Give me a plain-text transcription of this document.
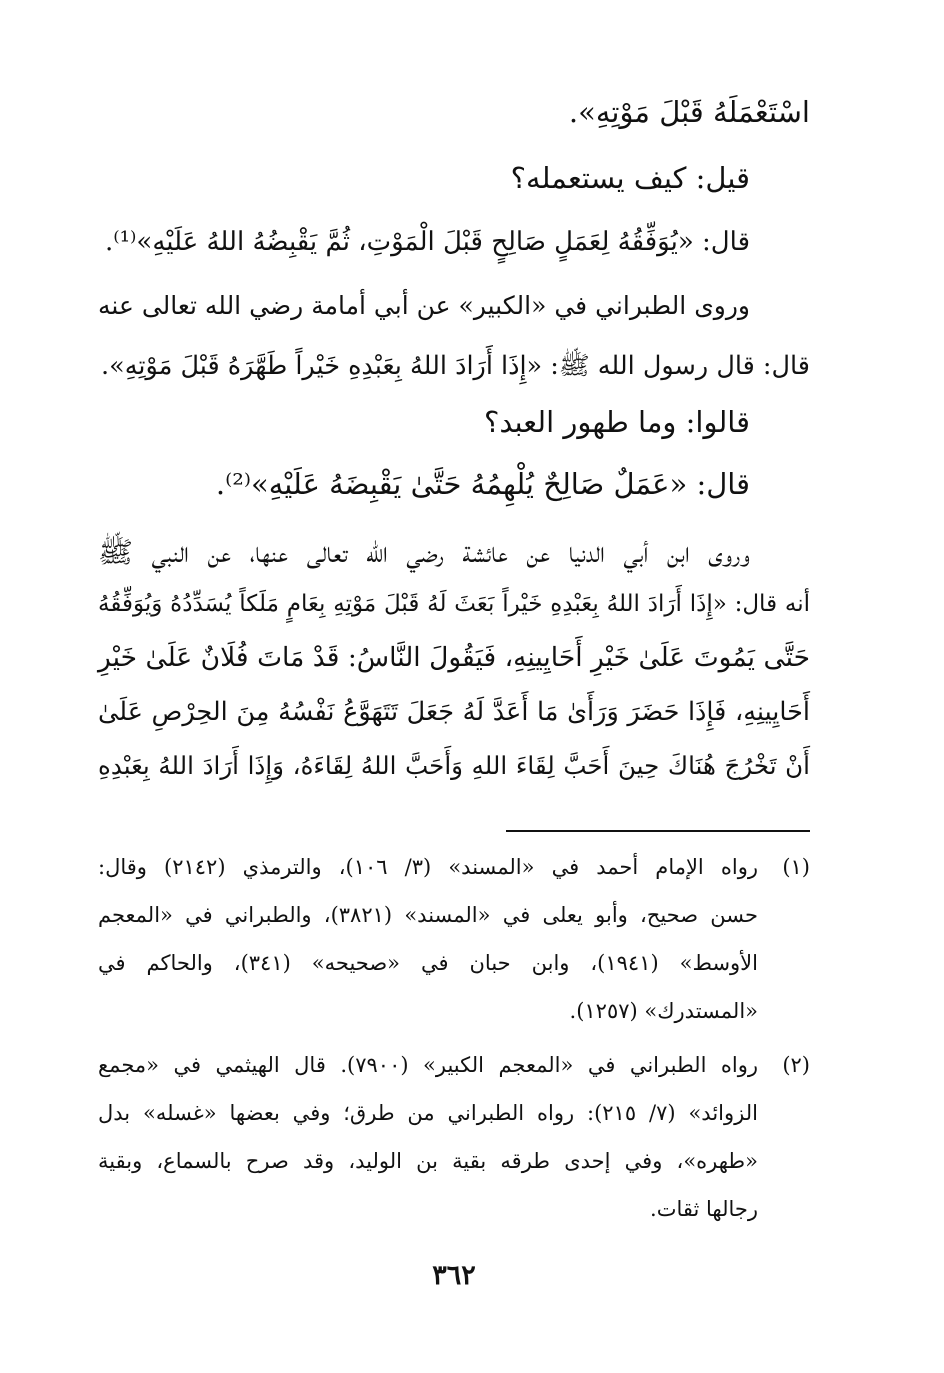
اسْتَعْمَلَهُ قَبْلَ مَوْتِهِ».
قيل: كيف يستعمله؟
قال: «يُوَفِّقُهُ لِعَمَلٍ صَالِحٍ قَبْلَ الْمَوْتِ، ثُمَّ يَقْبِضُهُ اللهُ عَلَيْهِ»⁽¹⁾.
وروى الطبراني في «الكبير» عن أبي أمامة رضي الله تعالى عنه
قال: قال رسول الله ﷺ: «إِذَا أَرَادَ اللهُ بِعَبْدِهِ خَيْراً طَهَّرَهُ قَبْلَ مَوْتِهِ».
قالوا: وما طهور العبد؟
قال: «عَمَلٌ صَالِحٌ يُلْهِمُهُ حَتَّىٰ يَقْبِضَهُ عَلَيْهِ»⁽²⁾.
وروى ابن أبي الدنيا عن عائشة رضي الله تعالى عنها، عن النبي ﷺ
أنه قال: «إِذَا أَرَادَ اللهُ بِعَبْدِهِ خَيْراً بَعَثَ لَهُ قَبْلَ مَوْتِهِ بِعَامٍ مَلَكاً يُسَدِّدُهُ وَيُوَفِّقُهُ
حَتَّى يَمُوتَ عَلَىٰ خَيْرِ أَحَايِينِهِ، فَيَقُولَ النَّاسُ: قَدْ مَاتَ فُلَانٌ عَلَىٰ خَيْرِ
أَحَايِينِهِ، فَإِذَا حَضَرَ وَرَأَىٰ مَا أَعَدَّ لَهُ جَعَلَ تَتَهَوَّعُ نَفْسُهُ مِنَ الحِرْصِ عَلَىٰ
أَنْ تَخْرُجَ هُنَاكَ حِينَ أَحَبَّ لِقَاءَ اللهِ وَأَحَبَّ اللهُ لِقَاءَهُ، وَإِذَا أَرَادَ اللهُ بِعَبْدِهِ
(١)
رواه الإمام أحمد في «المسند» (٣/ ١٠٦)، والترمذي (٢١٤٢) وقال:
حسن صحيح، وأبو يعلى في «المسند» (٣٨٢١)، والطبراني في «المعجم
الأوسط» (١٩٤١)، وابن حبان في «صحيحه» (٣٤١)، والحاكم في
«المستدرك» (١٢٥٧).
(٢)
رواه الطبراني في «المعجم الكبير» (٧٩٠٠). قال الهيثمي في «مجمع
الزوائد» (٧/ ٢١٥): رواه الطبراني من طرق؛ وفي بعضها «غسله» بدل
«طهره»، وفي إحدى طرقه بقية بن الوليد، وقد صرح بالسماع، وبقية
رجالها ثقات.
٣٦٢
